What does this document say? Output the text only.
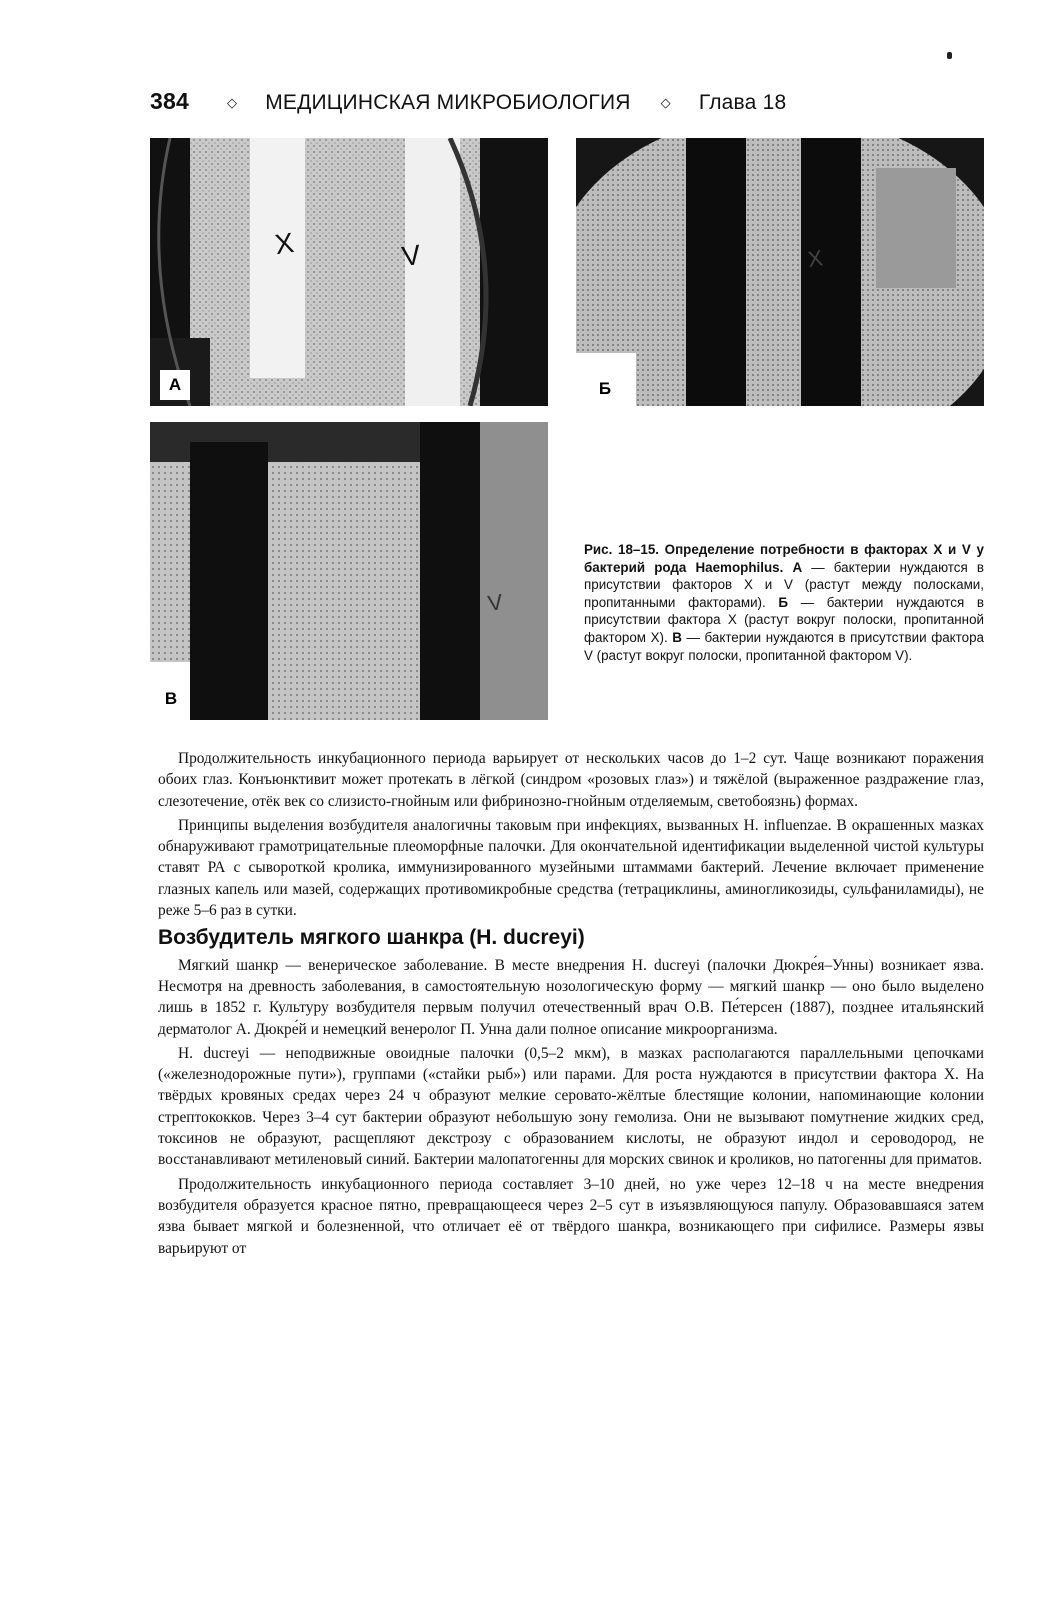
384	◇ МЕДИЦИНСКАЯ МИКРОБИОЛОГИЯ ◇ Глава 18
X	V
А
X
Б
V
В
Рис. 18–15. Определение потребности в факторах X и V у бактерий рода Haemophilus. А — бактерии нуждаются в присутствии факторов X и V (растут между полосками, пропитанными факторами). Б — бактерии нуждаются в присутствии фактора X (растут вокруг полоски, пропитанной фактором X). В — бактерии нуждаются в присутствии фактора V (растут вокруг полоски, пропитанной фактором V).

Продолжительность инкубационного периода варьирует от нескольких часов до 1–2 сут. Чаще возникают поражения обоих глаз. Конъюнктивит может протекать в лёгкой (синдром «розовых глаз») и тяжёлой (выраженное раздражение глаз, слезотечение, отёк век со слизисто-гнойным или фибринозно-гнойным отделяемым, светобоязнь) формах.

Принципы выделения возбудителя аналогичны таковым при инфекциях, вызванных H. influenzae. В окрашенных мазках обнаруживают грамотрицательные плеоморфные палочки. Для окончательной идентификации выделенной чистой культуры ставят РА с сывороткой кролика, иммунизированного музейными штаммами бактерий. Лечение включает применение глазных капель или мазей, содержащих противомикробные средства (тетрациклины, аминогликозиды, сульфаниламиды), не реже 5–6 раз в сутки.

Возбудитель мягкого шанкра (H. ducreyi)

Мягкий шанкр — венерическое заболевание. В месте внедрения H. ducreyi (палочки Дюкре́я–Унны) возникает язва. Несмотря на древность заболевания, в самостоятельную нозологическую форму — мягкий шанкр — оно было выделено лишь в 1852 г. Культуру возбудителя первым получил отечественный врач О.В. Пе́терсен (1887), позднее итальянский дерматолог А. Дюкре́й и немецкий венеролог П. Унна дали полное описание микроорганизма.

H. ducreyi — неподвижные овоидные палочки (0,5–2 мкм), в мазках располагаются параллельными цепочками («железнодорожные пути»), группами («стайки рыб») или парами. Для роста нуждаются в присутствии фактора X. На твёрдых кровяных средах через 24 ч образуют мелкие серовато-жёлтые блестящие колонии, напоминающие колонии стрептококков. Через 3–4 сут бактерии образуют небольшую зону гемолиза. Они не вызывают помутнение жидких сред, токсинов не образуют, расщепляют декстрозу с образованием кислоты, не образуют индол и сероводород, не восстанавливают метиленовый синий. Бактерии малопатогенны для морских свинок и кроликов, но патогенны для приматов.

Продолжительность инкубационного периода составляет 3–10 дней, но уже через 12–18 ч на месте внедрения возбудителя образуется красное пятно, превращающееся через 2–5 сут в изъязвляющуюся папулу. Образовавшаяся затем язва бывает мягкой и болезненной, что отличает её от твёрдого шанкра, возникающего при сифилисе. Размеры язвы варьируют от
